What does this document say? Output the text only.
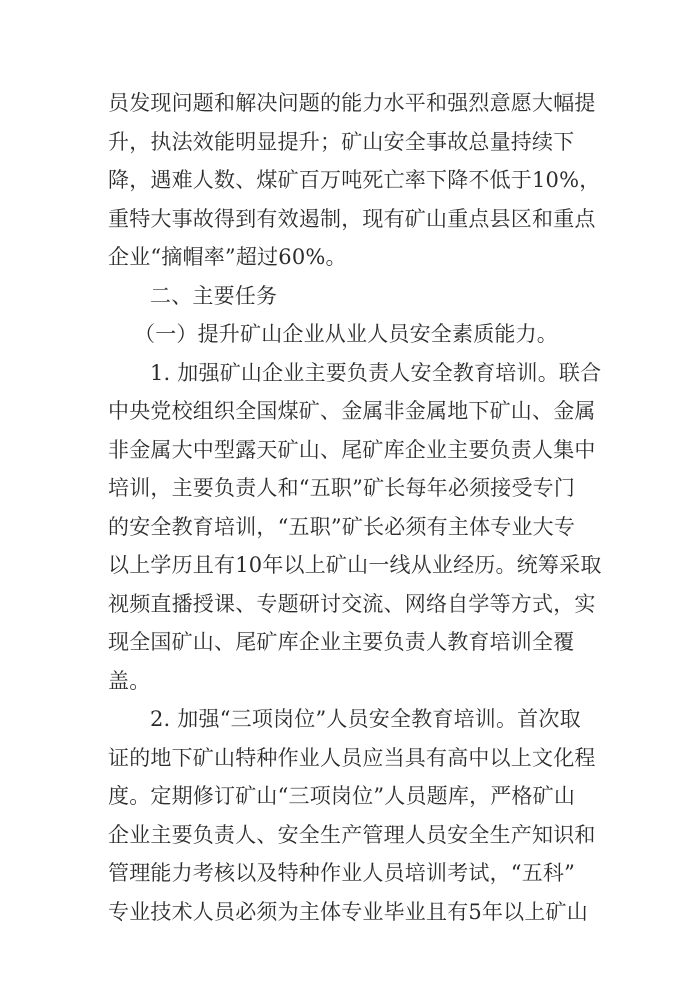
员发现问题和解决问题的能力水平和强烈意愿大幅提
升，执法效能明显提升；矿山安全事故总量持续下
降，遇难人数、煤矿百万吨死亡率下降不低于10%，
重特大事故得到有效遏制，现有矿山重点县区和重点
企业“摘帽率”超过60%。
二、主要任务
（一）提升矿山企业从业人员安全素质能力。
1. 加强矿山企业主要负责人安全教育培训。联合
中央党校组织全国煤矿、金属非金属地下矿山、金属
非金属大中型露天矿山、尾矿库企业主要负责人集中
培训，主要负责人和“五职”矿长每年必须接受专门
的安全教育培训，“五职”矿长必须有主体专业大专
以上学历且有10年以上矿山一线从业经历。统筹采取
视频直播授课、专题研讨交流、网络自学等方式，实
现全国矿山、尾矿库企业主要负责人教育培训全覆
盖。
2. 加强“三项岗位”人员安全教育培训。首次取
证的地下矿山特种作业人员应当具有高中以上文化程
度。定期修订矿山“三项岗位”人员题库，严格矿山
企业主要负责人、安全生产管理人员安全生产知识和
管理能力考核以及特种作业人员培训考试，“五科”
专业技术人员必须为主体专业毕业且有5年以上矿山
